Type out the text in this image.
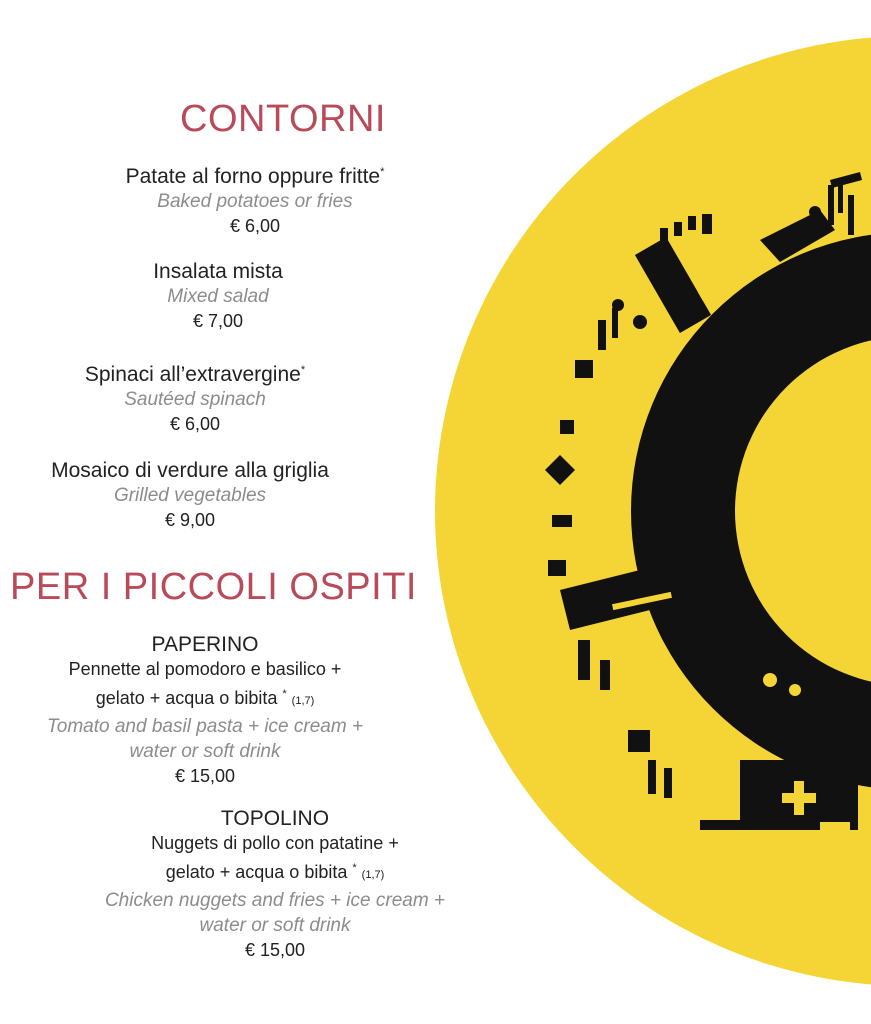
CONTORNI
Patate al forno oppure fritte*
Baked potatoes or fries
€ 6,00
Insalata mista
Mixed salad
€ 7,00
Spinaci all’extravergine*
Sautéed spinach
€ 6,00
Mosaico di verdure alla griglia
Grilled vegetables
€ 9,00
PER I PICCOLI OSPITI
PAPERINO
Pennette al pomodoro e basilico +
gelato + acqua o bibita * (1,7)
Tomato and basil pasta + ice cream +
water or soft drink
€ 15,00
TOPOLINO
Nuggets di pollo con patatine +
gelato + acqua o bibita * (1,7)
Chicken nuggets and fries + ice cream +
water or soft drink
€ 15,00
